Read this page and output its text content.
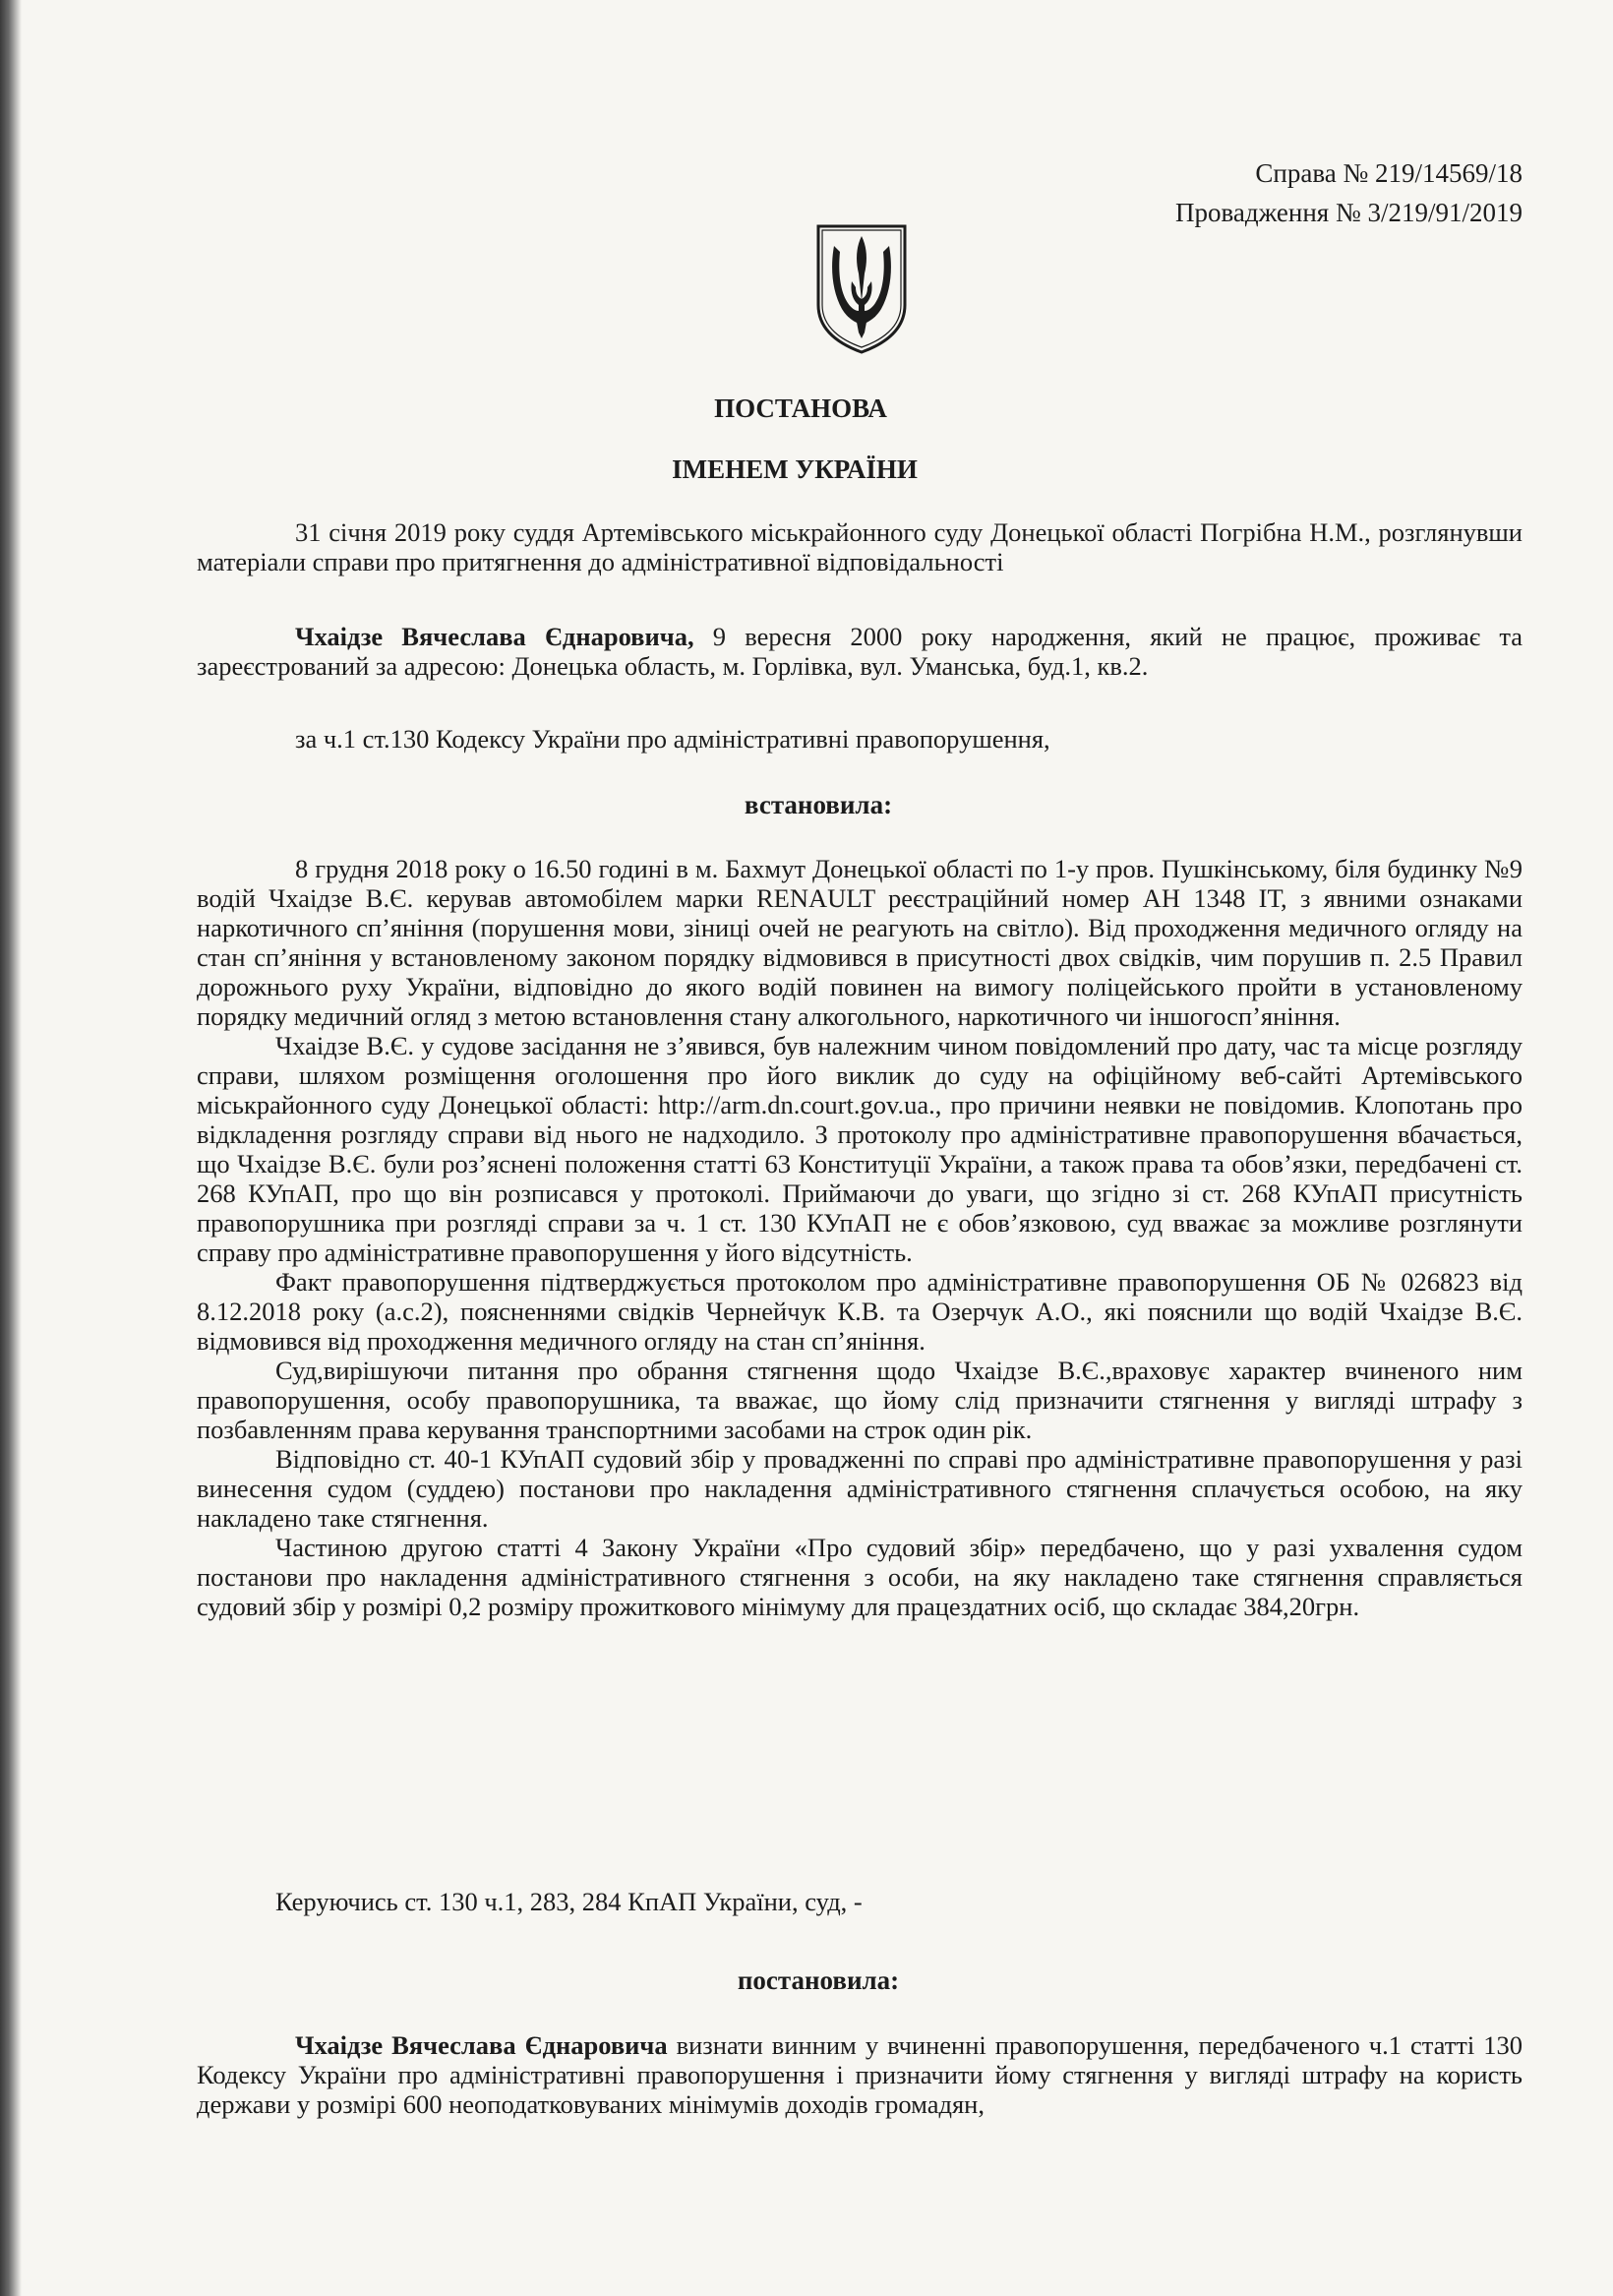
Справа № 219/14569/18
Провадження № 3/219/91/2019
ПОСТАНОВА
ІМЕНЕМ УКРАЇНИ

31 січня 2019 року суддя Артемівського міськрайонного суду Донецької області Погрібна Н.М., розглянувши матеріали справи про притягнення до адміністративної відповідальності

Чхаідзе Вячеслава Єднаровича, 9 вересня 2000 року народження, який не працює, проживає та зареєстрований за адресою: Донецька область, м. Горлівка, вул. Уманська, буд.1, кв.2.

за ч.1 ст.130 Кодексу України про адміністративні правопорушення,

встановила:

8 грудня 2018 року о 16.50 годині в м. Бахмут Донецької області по 1-у пров. Пушкінському, біля будинку №9 водій Чхаідзе В.Є. керував автомобілем марки RENAULT реєстраційний номер АН 1348 ІТ, з явними ознаками наркотичного сп’яніння (порушення мови, зіниці очей не реагують на світло). Від проходження медичного огляду на стан сп’яніння у встановленому законом порядку відмовився в присутності двох свідків, чим порушив п. 2.5 Правил дорожнього руху України, відповідно до якого водій повинен на вимогу поліцейського пройти в установленому порядку медичний огляд з метою встановлення стану алкогольного, наркотичного чи іншогосп’яніння.

Чхаідзе В.Є. у судове засідання не з’явився, був належним чином повідомлений про дату, час та місце розгляду справи, шляхом розміщення оголошення про його виклик до суду на офіційному веб-сайті Артемівського міськрайонного суду Донецької області: http://arm.dn.court.gov.ua., про причини неявки не повідомив. Клопотань про відкладення розгляду справи від нього не надходило. З протоколу про адміністративне правопорушення вбачається, що Чхаідзе В.Є. були роз’яснені положення статті 63 Конституції України, а також права та обов’язки, передбачені ст. 268 КУпАП, про що він розписався у протоколі. Приймаючи до уваги, що згідно зі ст. 268 КУпАП присутність правопорушника при розгляді справи за ч. 1 ст. 130 КУпАП не є обов’язковою, суд вважає за можливе розглянути справу про адміністративне правопорушення у його відсутність.

Факт правопорушення підтверджується протоколом про адміністративне правопорушення ОБ № 026823 від 8.12.2018 року (а.с.2), поясненнями свідків Чернейчук К.В. та Озерчук А.О., які пояснили що водій Чхаідзе В.Є. відмовився від проходження медичного огляду на стан сп’яніння.

Суд,вирішуючи питання про обрання стягнення щодо Чхаідзе В.Є.,враховує характер вчиненого ним правопорушення, особу правопорушника, та вважає, що йому слід призначити стягнення у вигляді штрафу з позбавленням права керування транспортними засобами на строк один рік.

Відповідно ст. 40-1 КУпАП судовий збір у провадженні по справі про адміністративне правопорушення у разі винесення судом (суддею) постанови про накладення адміністративного стягнення сплачується особою, на яку накладено таке стягнення.

Частиною другою статті 4 Закону України «Про судовий збір» передбачено, що у разі ухвалення судом постанови про накладення адміністративного стягнення з особи, на яку накладено таке стягнення справляється судовий збір у розмірі 0,2 розміру прожиткового мінімуму для працездатних осіб, що складає 384,20грн.

Керуючись ст. 130 ч.1, 283, 284 КпАП України, суд, -

постановила:

Чхаідзе Вячеслава Єднаровича визнати винним у вчиненні правопорушення, передбаченого ч.1 статті 130 Кодексу України про адміністративні правопорушення і призначити йому стягнення у вигляді штрафу на користь держави у розмірі 600 неоподатковуваних мінімумів доходів громадян,
